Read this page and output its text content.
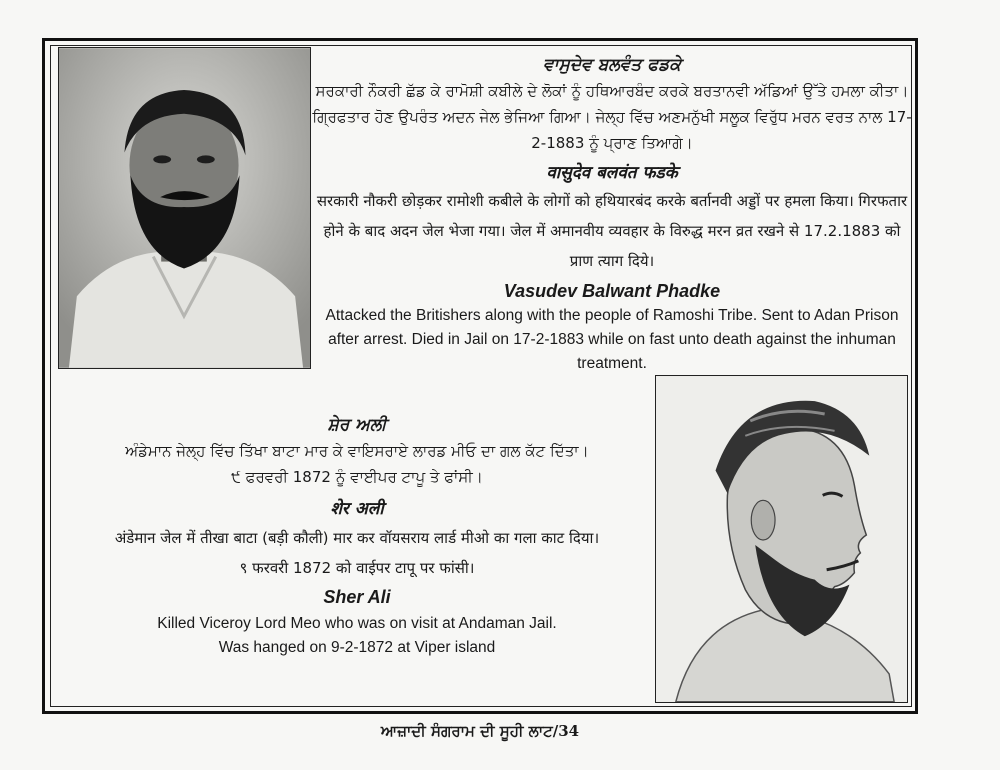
ਵਾਸੁਦੇਵ ਬਲਵੰਤ ਫਡਕੇ

ਸਰਕਾਰੀ ਨੌਕਰੀ ਛੱਡ ਕੇ ਰਾਮੋਸ਼ੀ ਕਬੀਲੇ ਦੇ ਲੋਕਾਂ ਨੂੰ ਹਥਿਆਰਬੰਦ ਕਰਕੇ ਬਰਤਾਨਵੀ ਅੱਡਿਆਂ ਉੱਤੇ ਹਮਲਾ ਕੀਤਾ। ਗ੍ਰਿਫਤਾਰ ਹੋਣ ਉਪਰੰਤ ਅਦਨ ਜੇਲ ਭੇਜਿਆ ਗਿਆ। ਜੇਲ੍ਹ ਵਿੱਚ ਅਣਮਨੁੱਖੀ ਸਲੂਕ ਵਿਰੁੱਧ ਮਰਨ ਵਰਤ ਨਾਲ 17-2-1883 ਨੂੰ ਪ੍ਰਾਣ ਤਿਆਗੇ।

वासुदेव बलवंत फडके

सरकारी नौकरी छोड़कर रामोशी कबीले के लोगों को हथियारबंद करके बर्तानवी अड्डों पर हमला किया। गिरफतार होने के बाद अदन जेल भेजा गया। जेल में अमानवीय व्यवहार के विरुद्ध मरन व्रत रखने से 17.2.1883 को प्राण त्याग दिये।

Vasudev Balwant Phadke

Attacked the Britishers along with the people of Ramoshi Tribe. Sent to Adan Prison after arrest. Died in Jail on 17-2-1883 while on fast unto death against the inhuman treatment.

ਸ਼ੇਰ ਅਲੀ

ਅੰਡੇਮਾਨ ਜੇਲ੍ਹ ਵਿੱਚ ਤਿੱਖਾ ਬਾਟਾ ਮਾਰ ਕੇ ਵਾਇਸਰਾਏ ਲਾਰਡ ਮੀਓ ਦਾ ਗਲ ਕੱਟ ਦਿੱਤਾ।

੯ ਫਰਵਰੀ 1872 ਨੂੰ ਵਾਈਪਰ ਟਾਪੂ ਤੇ ਫਾਂਸੀ।

शेर अली

अंडेमान जेल में तीखा बाटा (बड़ी कौली) मार कर वॉयसराय लार्ड मीओ का गला काट दिया।

९ फरवरी 1872 को वाईपर टापू पर फांसी।

Sher Ali

Killed Viceroy Lord Meo who was on visit at Andaman Jail.

Was hanged on 9-2-1872 at Viper island

ਆਜ਼ਾਦੀ ਸੰਗਰਾਮ ਦੀ ਸੂਹੀ ਲਾਟ/34
